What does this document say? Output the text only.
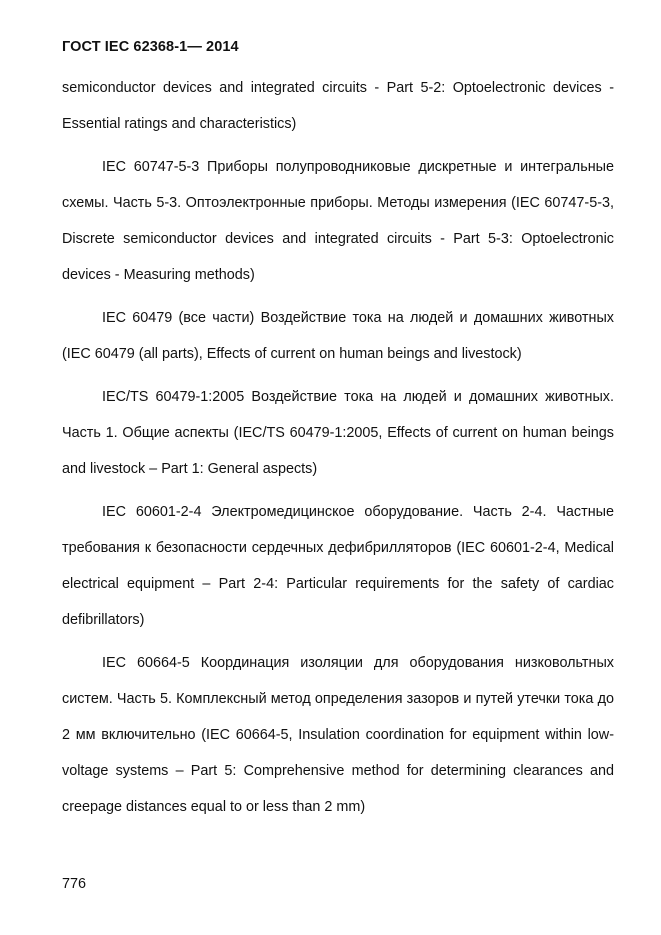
ГОСТ IEC 62368-1— 2014

semiconductor devices and integrated circuits - Part 5-2: Optoelectronic devices - Essential ratings and characteristics)

IEC 60747-5-3 Приборы полупроводниковые дискретные и интегральные схемы. Часть 5-3. Оптоэлектронные приборы. Методы измерения (IEC 60747-5-3, Discrete semiconductor devices and integrated circuits - Part 5-3: Optoelectronic devices - Measuring methods)

IEC 60479 (все части) Воздействие тока на людей и домашних животных (IEC 60479 (all parts), Effects of current on human beings and livestock)

IEC/TS 60479-1:2005 Воздействие тока на людей и домашних животных. Часть 1. Общие аспекты (IEC/TS 60479-1:2005, Effects of current on human beings and livestock – Part 1: General aspects)

IEC 60601-2-4 Электромедицинское оборудование. Часть 2-4. Частные требования к безопасности сердечных дефибрилляторов (IEC 60601-2-4, Medical electrical equipment – Part 2-4: Particular requirements for the safety of cardiac defibrillators)

IEC 60664-5 Координация изоляции для оборудования низковольтных систем. Часть 5. Комплексный метод определения зазоров и путей утечки тока до 2 мм включительно (IEC 60664-5, Insulation coordination for equipment within low-voltage systems – Part 5: Comprehensive method for determining clearances and creepage distances equal to or less than 2 mm)

776
